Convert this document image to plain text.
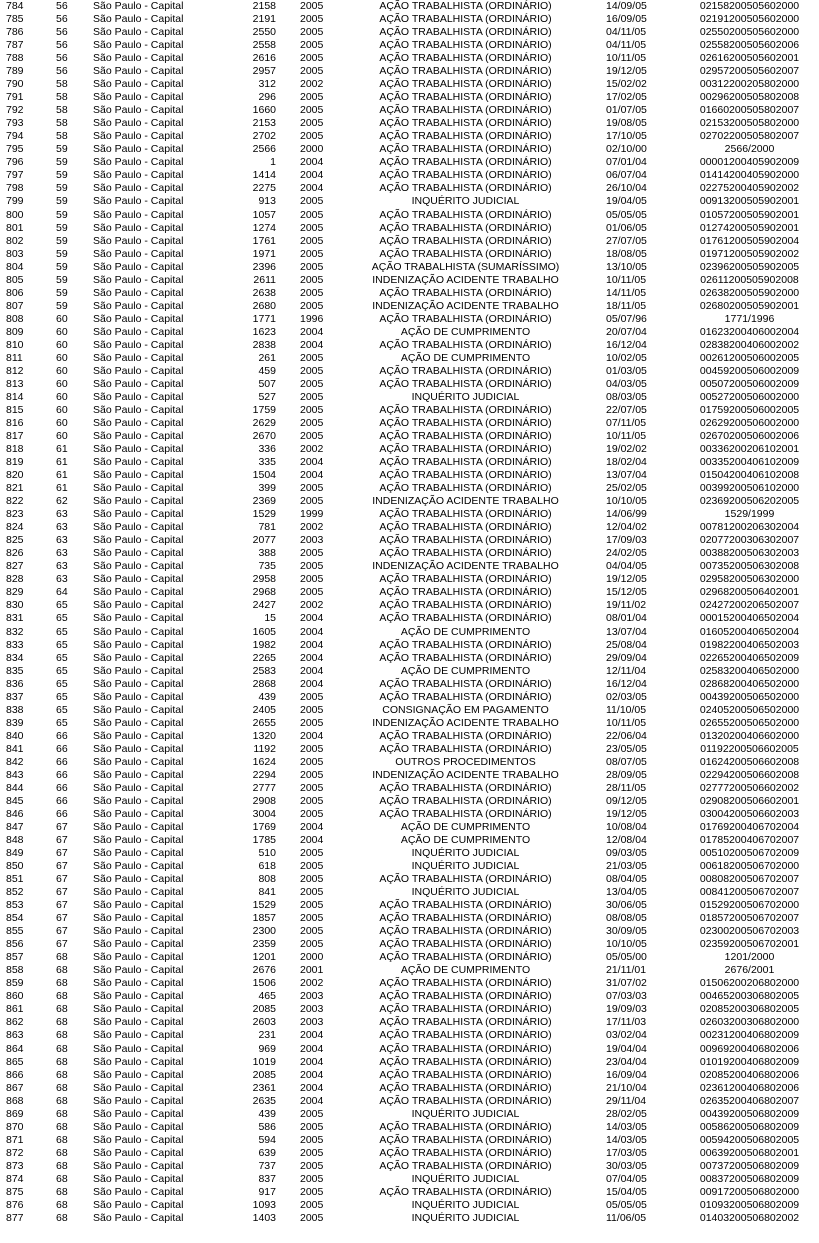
784	56	São Paulo - Capital	2158	2005	AÇÃO TRABALHISTA (ORDINÁRIO)	14/09/05	02158200505602000
785	56	São Paulo - Capital	2191	2005	AÇÃO TRABALHISTA (ORDINÁRIO)	16/09/05	02191200505602000
786	56	São Paulo - Capital	2550	2005	AÇÃO TRABALHISTA (ORDINÁRIO)	04/11/05	02550200505602000
787	56	São Paulo - Capital	2558	2005	AÇÃO TRABALHISTA (ORDINÁRIO)	04/11/05	02558200505602006
788	56	São Paulo - Capital	2616	2005	AÇÃO TRABALHISTA (ORDINÁRIO)	10/11/05	02616200505602001
789	56	São Paulo - Capital	2957	2005	AÇÃO TRABALHISTA (ORDINÁRIO)	19/12/05	02957200505602007
790	58	São Paulo - Capital	312	2002	AÇÃO TRABALHISTA (ORDINÁRIO)	15/02/02	00312200205802000
791	58	São Paulo - Capital	296	2005	AÇÃO TRABALHISTA (ORDINÁRIO)	17/02/05	00296200505802008
792	58	São Paulo - Capital	1660	2005	AÇÃO TRABALHISTA (ORDINÁRIO)	01/07/05	01660200505802007
793	58	São Paulo - Capital	2153	2005	AÇÃO TRABALHISTA (ORDINÁRIO)	19/08/05	02153200505802000
794	58	São Paulo - Capital	2702	2005	AÇÃO TRABALHISTA (ORDINÁRIO)	17/10/05	02702200505802007
795	59	São Paulo - Capital	2566	2000	AÇÃO TRABALHISTA (ORDINÁRIO)	02/10/00	2566/2000
796	59	São Paulo - Capital	1	2004	AÇÃO TRABALHISTA (ORDINÁRIO)	07/01/04	00001200405902009
797	59	São Paulo - Capital	1414	2004	AÇÃO TRABALHISTA (ORDINÁRIO)	06/07/04	01414200405902000
798	59	São Paulo - Capital	2275	2004	AÇÃO TRABALHISTA (ORDINÁRIO)	26/10/04	02275200405902002
799	59	São Paulo - Capital	913	2005	INQUÉRITO JUDICIAL	19/04/05	00913200505902001
800	59	São Paulo - Capital	1057	2005	AÇÃO TRABALHISTA (ORDINÁRIO)	05/05/05	01057200505902001
801	59	São Paulo - Capital	1274	2005	AÇÃO TRABALHISTA (ORDINÁRIO)	01/06/05	01274200505902001
802	59	São Paulo - Capital	1761	2005	AÇÃO TRABALHISTA (ORDINÁRIO)	27/07/05	01761200505902004
803	59	São Paulo - Capital	1971	2005	AÇÃO TRABALHISTA (ORDINÁRIO)	18/08/05	01971200505902002
804	59	São Paulo - Capital	2396	2005	AÇÃO TRABALHISTA (SUMARÍSSIMO)	13/10/05	02396200505902005
805	59	São Paulo - Capital	2611	2005	INDENIZAÇÃO ACIDENTE TRABALHO	10/11/05	02611200505902008
806	59	São Paulo - Capital	2638	2005	AÇÃO TRABALHISTA (ORDINÁRIO)	14/11/05	02638200505902000
807	59	São Paulo - Capital	2680	2005	INDENIZAÇÃO ACIDENTE TRABALHO	18/11/05	02680200505902001
808	60	São Paulo - Capital	1771	1996	AÇÃO TRABALHISTA (ORDINÁRIO)	05/07/96	1771/1996
809	60	São Paulo - Capital	1623	2004	AÇÃO DE CUMPRIMENTO	20/07/04	01623200406002004
810	60	São Paulo - Capital	2838	2004	AÇÃO TRABALHISTA (ORDINÁRIO)	16/12/04	02838200406002002
811	60	São Paulo - Capital	261	2005	AÇÃO DE CUMPRIMENTO	10/02/05	00261200506002005
812	60	São Paulo - Capital	459	2005	AÇÃO TRABALHISTA (ORDINÁRIO)	01/03/05	00459200506002009
813	60	São Paulo - Capital	507	2005	AÇÃO TRABALHISTA (ORDINÁRIO)	04/03/05	00507200506002009
814	60	São Paulo - Capital	527	2005	INQUÉRITO JUDICIAL	08/03/05	00527200506002000
815	60	São Paulo - Capital	1759	2005	AÇÃO TRABALHISTA (ORDINÁRIO)	22/07/05	01759200506002005
816	60	São Paulo - Capital	2629	2005	AÇÃO TRABALHISTA (ORDINÁRIO)	07/11/05	02629200506002000
817	60	São Paulo - Capital	2670	2005	AÇÃO TRABALHISTA (ORDINÁRIO)	10/11/05	02670200506002006
818	61	São Paulo - Capital	336	2002	AÇÃO TRABALHISTA (ORDINÁRIO)	19/02/02	00336200206102001
819	61	São Paulo - Capital	335	2004	AÇÃO TRABALHISTA (ORDINÁRIO)	18/02/04	00335200406102009
820	61	São Paulo - Capital	1504	2004	AÇÃO TRABALHISTA (ORDINÁRIO)	13/07/04	01504200406102008
821	61	São Paulo - Capital	399	2005	AÇÃO TRABALHISTA (ORDINÁRIO)	25/02/05	00399200506102000
822	62	São Paulo - Capital	2369	2005	INDENIZAÇÃO ACIDENTE TRABALHO	10/10/05	02369200506202005
823	63	São Paulo - Capital	1529	1999	AÇÃO TRABALHISTA (ORDINÁRIO)	14/06/99	1529/1999
824	63	São Paulo - Capital	781	2002	AÇÃO TRABALHISTA (ORDINÁRIO)	12/04/02	00781200206302004
825	63	São Paulo - Capital	2077	2003	AÇÃO TRABALHISTA (ORDINÁRIO)	17/09/03	02077200306302007
826	63	São Paulo - Capital	388	2005	AÇÃO TRABALHISTA (ORDINÁRIO)	24/02/05	00388200506302003
827	63	São Paulo - Capital	735	2005	INDENIZAÇÃO ACIDENTE TRABALHO	04/04/05	00735200506302008
828	63	São Paulo - Capital	2958	2005	AÇÃO TRABALHISTA (ORDINÁRIO)	19/12/05	02958200506302000
829	64	São Paulo - Capital	2968	2005	AÇÃO TRABALHISTA (ORDINÁRIO)	15/12/05	02968200506402001
830	65	São Paulo - Capital	2427	2002	AÇÃO TRABALHISTA (ORDINÁRIO)	19/11/02	02427200206502007
831	65	São Paulo - Capital	15	2004	AÇÃO TRABALHISTA (ORDINÁRIO)	08/01/04	00015200406502004
832	65	São Paulo - Capital	1605	2004	AÇÃO DE CUMPRIMENTO	13/07/04	01605200406502004
833	65	São Paulo - Capital	1982	2004	AÇÃO TRABALHISTA (ORDINÁRIO)	25/08/04	01982200406502003
834	65	São Paulo - Capital	2265	2004	AÇÃO TRABALHISTA (ORDINÁRIO)	29/09/04	02265200406502009
835	65	São Paulo - Capital	2583	2004	AÇÃO DE CUMPRIMENTO	12/11/04	02583200406502000
836	65	São Paulo - Capital	2868	2004	AÇÃO TRABALHISTA (ORDINÁRIO)	16/12/04	02868200406502000
837	65	São Paulo - Capital	439	2005	AÇÃO TRABALHISTA (ORDINÁRIO)	02/03/05	00439200506502000
838	65	São Paulo - Capital	2405	2005	CONSIGNAÇÃO EM PAGAMENTO	11/10/05	02405200506502000
839	65	São Paulo - Capital	2655	2005	INDENIZAÇÃO ACIDENTE TRABALHO	10/11/05	02655200506502000
840	66	São Paulo - Capital	1320	2004	AÇÃO TRABALHISTA (ORDINÁRIO)	22/06/04	01320200406602000
841	66	São Paulo - Capital	1192	2005	AÇÃO TRABALHISTA (ORDINÁRIO)	23/05/05	01192200506602005
842	66	São Paulo - Capital	1624	2005	OUTROS PROCEDIMENTOS	08/07/05	01624200506602008
843	66	São Paulo - Capital	2294	2005	INDENIZAÇÃO ACIDENTE TRABALHO	28/09/05	02294200506602008
844	66	São Paulo - Capital	2777	2005	AÇÃO TRABALHISTA (ORDINÁRIO)	28/11/05	02777200506602002
845	66	São Paulo - Capital	2908	2005	AÇÃO TRABALHISTA (ORDINÁRIO)	09/12/05	02908200506602001
846	66	São Paulo - Capital	3004	2005	AÇÃO TRABALHISTA (ORDINÁRIO)	19/12/05	03004200506602003
847	67	São Paulo - Capital	1769	2004	AÇÃO DE CUMPRIMENTO	10/08/04	01769200406702004
848	67	São Paulo - Capital	1785	2004	AÇÃO DE CUMPRIMENTO	12/08/04	01785200406702007
849	67	São Paulo - Capital	510	2005	INQUÉRITO JUDICIAL	09/03/05	00510200506702009
850	67	São Paulo - Capital	618	2005	INQUÉRITO JUDICIAL	21/03/05	00618200506702000
851	67	São Paulo - Capital	808	2005	AÇÃO TRABALHISTA (ORDINÁRIO)	08/04/05	00808200506702007
852	67	São Paulo - Capital	841	2005	INQUÉRITO JUDICIAL	13/04/05	00841200506702007
853	67	São Paulo - Capital	1529	2005	AÇÃO TRABALHISTA (ORDINÁRIO)	30/06/05	01529200506702000
854	67	São Paulo - Capital	1857	2005	AÇÃO TRABALHISTA (ORDINÁRIO)	08/08/05	01857200506702007
855	67	São Paulo - Capital	2300	2005	AÇÃO TRABALHISTA (ORDINÁRIO)	30/09/05	02300200506702003
856	67	São Paulo - Capital	2359	2005	AÇÃO TRABALHISTA (ORDINÁRIO)	10/10/05	02359200506702001
857	68	São Paulo - Capital	1201	2000	AÇÃO TRABALHISTA (ORDINÁRIO)	05/05/00	1201/2000
858	68	São Paulo - Capital	2676	2001	AÇÃO DE CUMPRIMENTO	21/11/01	2676/2001
859	68	São Paulo - Capital	1506	2002	AÇÃO TRABALHISTA (ORDINÁRIO)	31/07/02	01506200206802000
860	68	São Paulo - Capital	465	2003	AÇÃO TRABALHISTA (ORDINÁRIO)	07/03/03	00465200306802005
861	68	São Paulo - Capital	2085	2003	AÇÃO TRABALHISTA (ORDINÁRIO)	19/09/03	02085200306802005
862	68	São Paulo - Capital	2603	2003	AÇÃO TRABALHISTA (ORDINÁRIO)	17/11/03	02603200306802000
863	68	São Paulo - Capital	231	2004	AÇÃO TRABALHISTA (ORDINÁRIO)	03/02/04	00231200406802009
864	68	São Paulo - Capital	969	2004	AÇÃO TRABALHISTA (ORDINÁRIO)	19/04/04	00969200406802006
865	68	São Paulo - Capital	1019	2004	AÇÃO TRABALHISTA (ORDINÁRIO)	23/04/04	01019200406802009
866	68	São Paulo - Capital	2085	2004	AÇÃO TRABALHISTA (ORDINÁRIO)	16/09/04	02085200406802006
867	68	São Paulo - Capital	2361	2004	AÇÃO TRABALHISTA (ORDINÁRIO)	21/10/04	02361200406802006
868	68	São Paulo - Capital	2635	2004	AÇÃO TRABALHISTA (ORDINÁRIO)	29/11/04	02635200406802007
869	68	São Paulo - Capital	439	2005	INQUÉRITO JUDICIAL	28/02/05	00439200506802009
870	68	São Paulo - Capital	586	2005	AÇÃO TRABALHISTA (ORDINÁRIO)	14/03/05	00586200506802009
871	68	São Paulo - Capital	594	2005	AÇÃO TRABALHISTA (ORDINÁRIO)	14/03/05	00594200506802005
872	68	São Paulo - Capital	639	2005	AÇÃO TRABALHISTA (ORDINÁRIO)	17/03/05	00639200506802001
873	68	São Paulo - Capital	737	2005	AÇÃO TRABALHISTA (ORDINÁRIO)	30/03/05	00737200506802009
874	68	São Paulo - Capital	837	2005	INQUÉRITO JUDICIAL	07/04/05	00837200506802009
875	68	São Paulo - Capital	917	2005	AÇÃO TRABALHISTA (ORDINÁRIO)	15/04/05	00917200506802000
876	68	São Paulo - Capital	1093	2005	INQUÉRITO JUDICIAL	05/05/05	01093200506802009
877	68	São Paulo - Capital	1403	2005	INQUÉRITO JUDICIAL	11/06/05	01403200506802002
